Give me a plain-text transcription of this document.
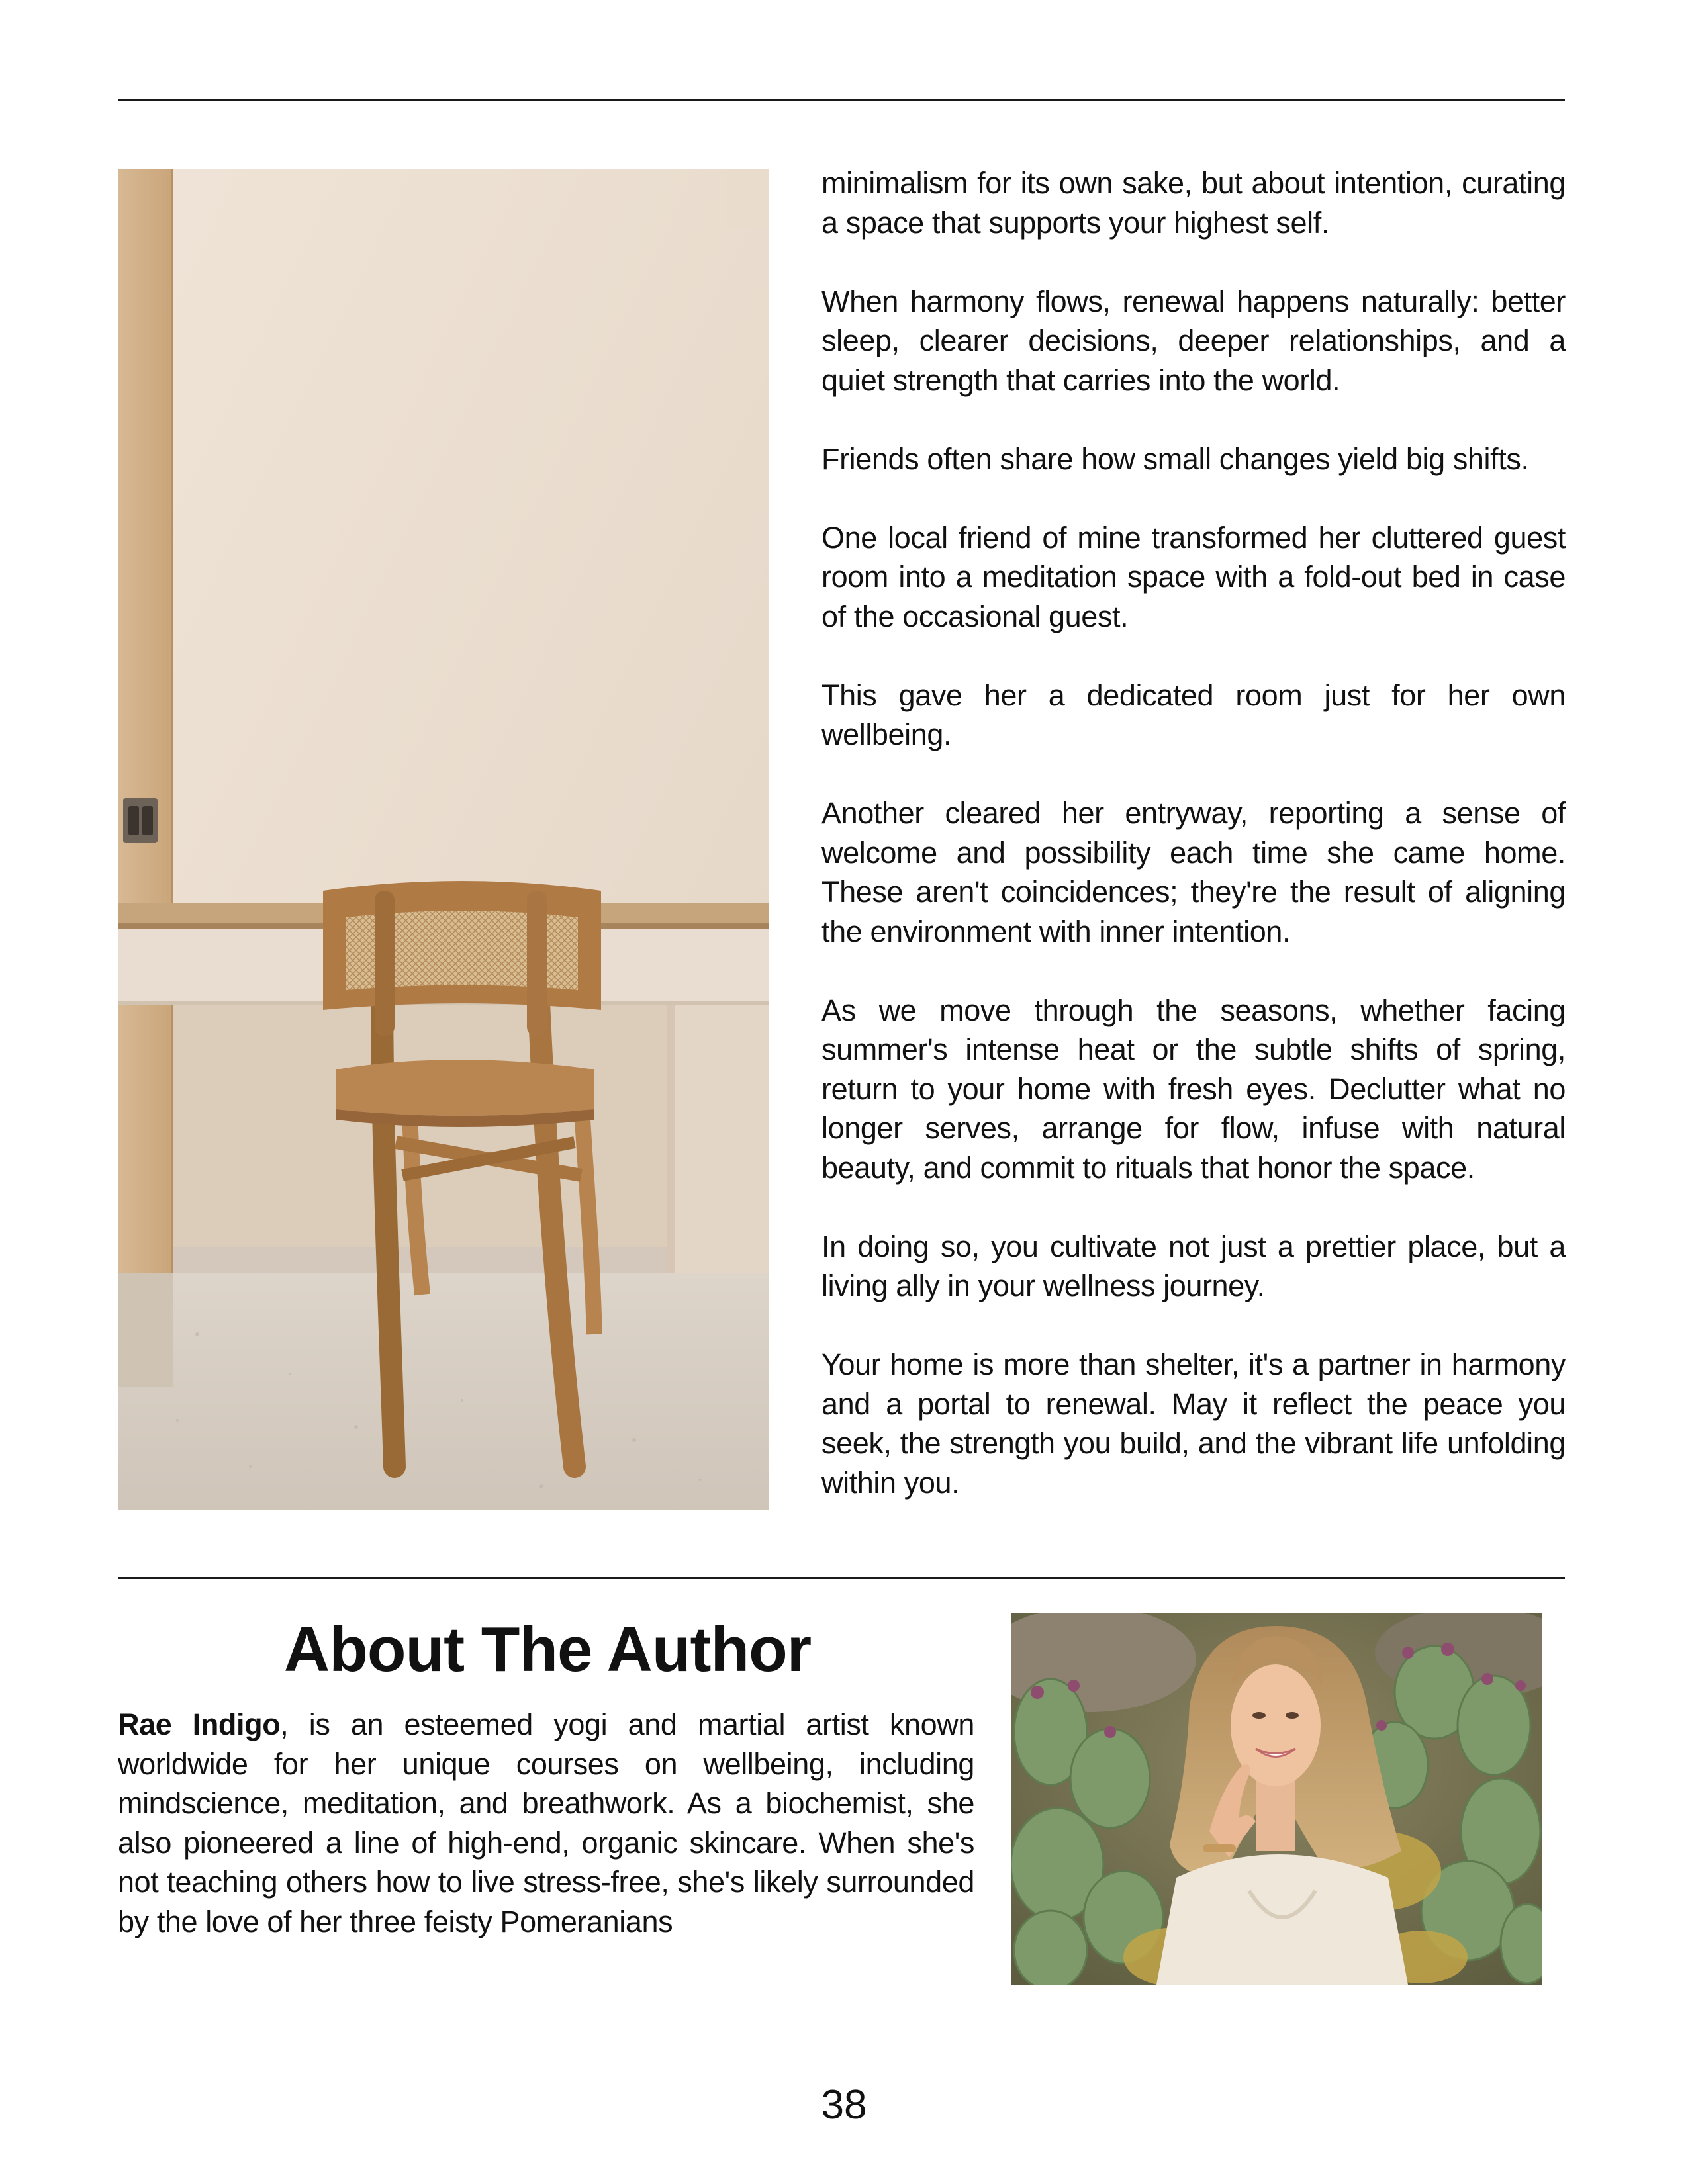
minimalism for its own sake, but about intention, curating a space that supports your highest self.

When harmony flows, renewal happens naturally: better sleep, clearer decisions, deeper relationships, and a quiet strength that carries into the world.

Friends often share how small changes yield big shifts.

One local friend of mine transformed her cluttered guest room into a meditation space with a fold-out bed in case of the occasional guest.

This gave her a dedicated room just for her own wellbeing.

Another cleared her entryway, reporting a sense of welcome and possibility each time she came home. These aren't coincidences; they're the result of aligning the environment with inner intention.

As we move through the seasons, whether facing summer's intense heat or the subtle shifts of spring, return to your home with fresh eyes. Declutter what no longer serves, arrange for flow, infuse with natural beauty, and commit to rituals that honor the space.

In doing so, you cultivate not just a prettier place, but a living ally in your wellness journey.

Your home is more than shelter, it's a partner in harmony and a portal to renewal. May it reflect the peace you seek, the strength you build, and the vibrant life unfolding within you.

About The Author

Rae Indigo, is an esteemed yogi and martial artist known worldwide for her unique courses on wellbeing, including mindscience, meditation, and breathwork. As a biochemist, she also pioneered a line of high-end, organic skincare. When she's not teaching others how to live stress-free, she's likely surrounded by the love of her three feisty Pomeranians

38
